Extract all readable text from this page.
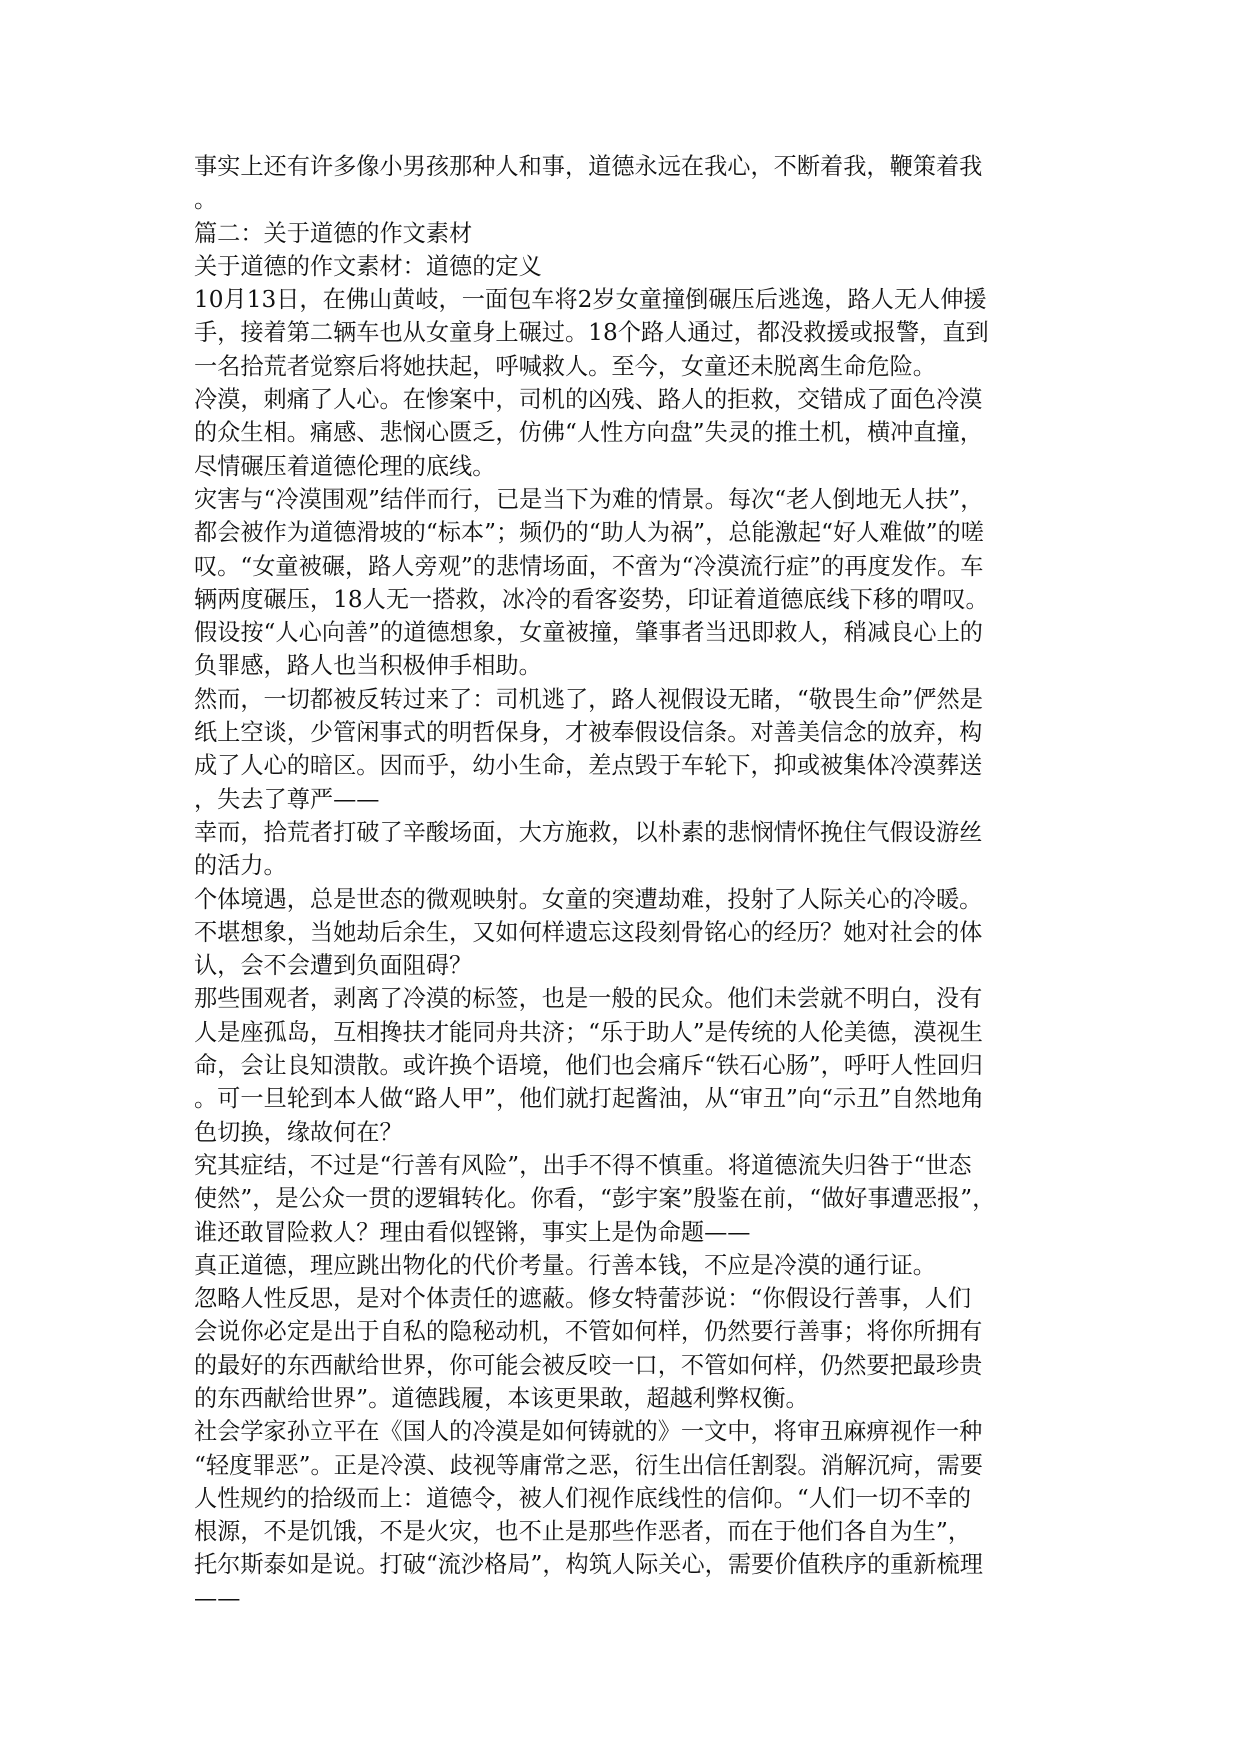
事实上还有许多像小男孩那种人和事，道德永远在我心，不断着我，鞭策着我
。
篇二：关于道德的作文素材
关于道德的作文素材：道德的定义
10月13日，在佛山黄岐，一面包车将2岁女童撞倒碾压后逃逸，路人无人伸援
手，接着第二辆车也从女童身上碾过。18个路人通过，都没救援或报警，直到
一名拾荒者觉察后将她扶起，呼喊救人。至今，女童还未脱离生命危险。
冷漠，刺痛了人心。在惨案中，司机的凶残、路人的拒救，交错成了面色冷漠
的众生相。痛感、悲悯心匮乏，仿佛“人性方向盘”失灵的推土机，横冲直撞，
尽情碾压着道德伦理的底线。
灾害与“冷漠围观”结伴而行，已是当下为难的情景。每次“老人倒地无人扶”，
都会被作为道德滑坡的“标本”；频仍的“助人为祸”，总能激起“好人难做”的嗟
叹。“女童被碾，路人旁观”的悲情场面，不啻为“冷漠流行症”的再度发作。车
辆两度碾压，18人无一搭救，冰冷的看客姿势，印证着道德底线下移的喟叹。
假设按“人心向善”的道德想象，女童被撞，肇事者当迅即救人，稍减良心上的
负罪感，路人也当积极伸手相助。
然而，一切都被反转过来了：司机逃了，路人视假设无睹，“敬畏生命”俨然是
纸上空谈，少管闲事式的明哲保身，才被奉假设信条。对善美信念的放弃，构
成了人心的暗区。因而乎，幼小生命，差点毁于车轮下，抑或被集体冷漠葬送
，失去了尊严——
幸而，拾荒者打破了辛酸场面，大方施救，以朴素的悲悯情怀挽住气假设游丝
的活力。
个体境遇，总是世态的微观映射。女童的突遭劫难，投射了人际关心的冷暖。
不堪想象，当她劫后余生，又如何样遗忘这段刻骨铭心的经历？她对社会的体
认，会不会遭到负面阻碍？
那些围观者，剥离了冷漠的标签，也是一般的民众。他们未尝就不明白，没有
人是座孤岛，互相搀扶才能同舟共济；“乐于助人”是传统的人伦美德，漠视生
命，会让良知溃散。或许换个语境，他们也会痛斥“铁石心肠”，呼吁人性回归
。可一旦轮到本人做“路人甲”，他们就打起酱油，从“审丑”向“示丑”自然地角
色切换，缘故何在？
究其症结，不过是“行善有风险”，出手不得不慎重。将道德流失归咎于“世态
使然”，是公众一贯的逻辑转化。你看，“彭宇案”殷鉴在前，“做好事遭恶报”，
谁还敢冒险救人？理由看似铿锵，事实上是伪命题——
真正道德，理应跳出物化的代价考量。行善本钱，不应是冷漠的通行证。
忽略人性反思，是对个体责任的遮蔽。修女特蕾莎说：“你假设行善事，人们
会说你必定是出于自私的隐秘动机，不管如何样，仍然要行善事；将你所拥有
的最好的东西献给世界，你可能会被反咬一口，不管如何样，仍然要把最珍贵
的东西献给世界”。道德践履，本该更果敢，超越利弊权衡。
社会学家孙立平在《国人的冷漠是如何铸就的》一文中，将审丑麻痹视作一种
“轻度罪恶”。正是冷漠、歧视等庸常之恶，衍生出信任割裂。消解沉疴，需要
人性规约的拾级而上：道德令，被人们视作底线性的信仰。“人们一切不幸的
根源，不是饥饿，不是火灾，也不止是那些作恶者，而在于他们各自为生”，
托尔斯泰如是说。打破“流沙格局”，构筑人际关心，需要价值秩序的重新梳理
——
